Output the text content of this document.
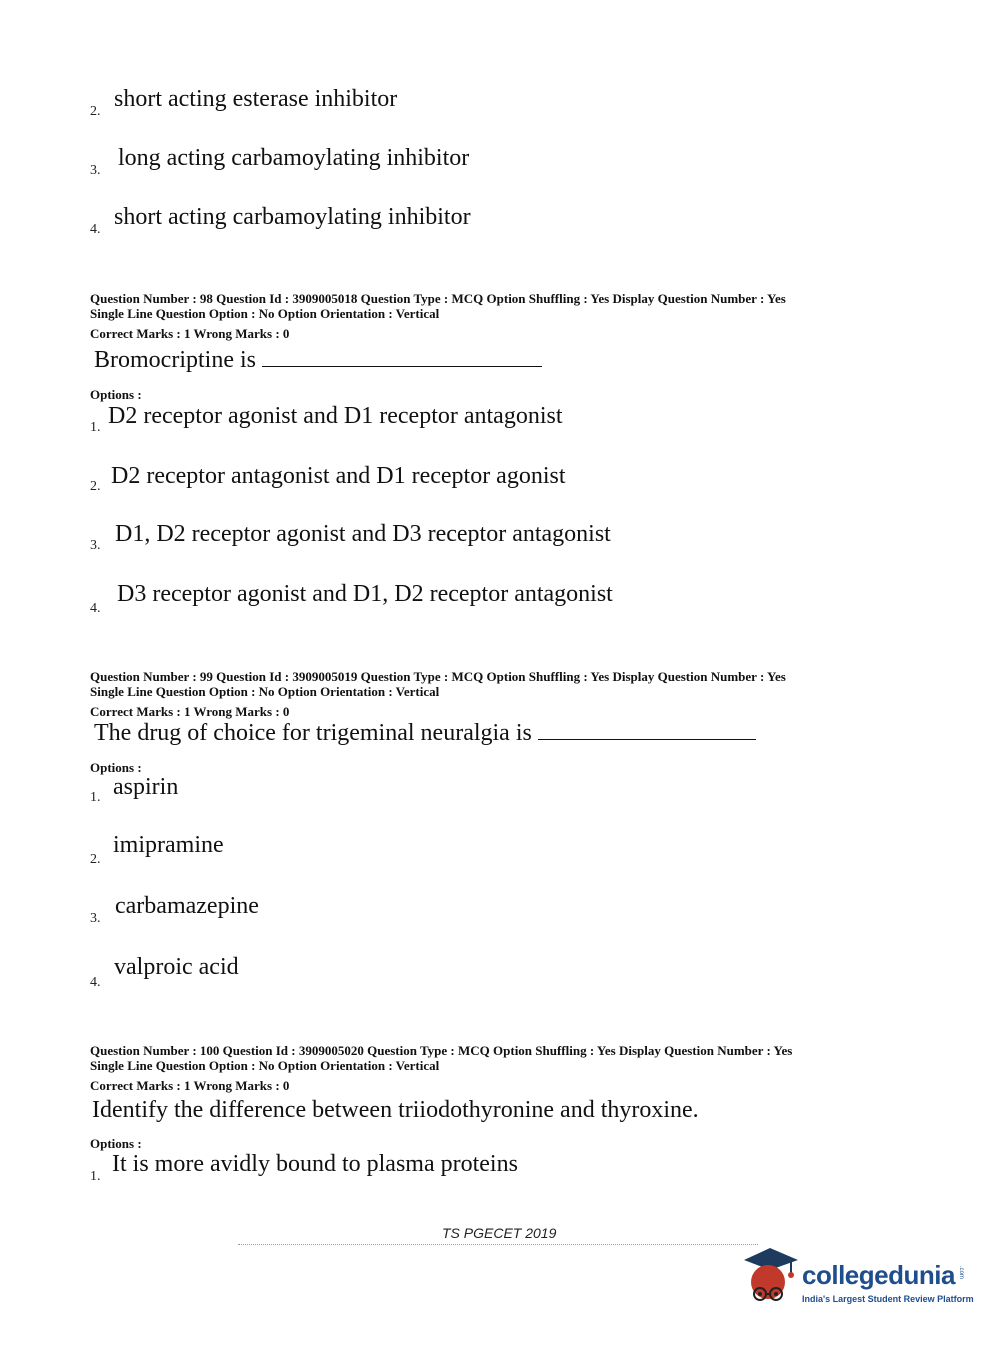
2. short acting esterase inhibitor
3. long acting carbamoylating inhibitor
4. short acting carbamoylating inhibitor
Question Number : 98 Question Id : 3909005018 Question Type : MCQ Option Shuffling : Yes Display Question Number : Yes
Single Line Question Option : No Option Orientation : Vertical
Correct Marks : 1 Wrong Marks : 0
Bromocriptine is
Options :
1. D2 receptor agonist and D1 receptor antagonist
2. D2 receptor antagonist and D1 receptor agonist
3. D1, D2 receptor agonist and D3 receptor antagonist
4.
D3 receptor agonist and D1, D2 receptor antagonist
Question Number : 99 Question Id : 3909005019 Question Type : MCQ Option Shuffling : Yes Display Question Number : Yes
Single Line Question Option : No Option Orientation : Vertical
Correct Marks : 1 Wrong Marks : 0
The drug of choice for trigeminal neuralgia is
Options :
1. aspirin
2.
imipramine
3. carbamazepine
4.
valproic acid
Question Number : 100 Question Id : 3909005020 Question Type : MCQ Option Shuffling : Yes Display Question Number : Yes
Single Line Question Option : No Option Orientation : Vertical
Correct Marks : 1 Wrong Marks : 0
Identify the difference between triiodothyronine and thyroxine.
Options :
1. It is more avidly bound to plasma proteins
TS PGECET 2019
collegedunia .com
India's Largest Student Review Platform
